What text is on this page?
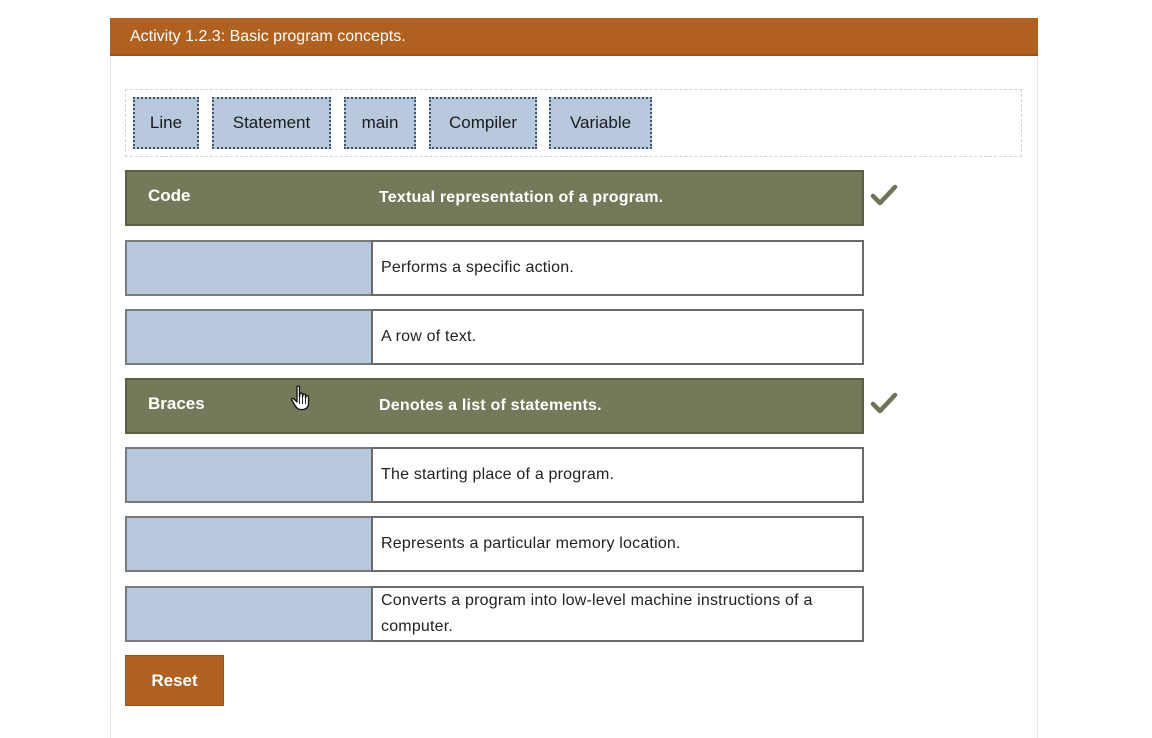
Activity 1.2.3: Basic program concepts.
Line	Statement	main	Compiler	Variable
Code	Textual representation of a program.
Performs a specific action.
A row of text.
Braces	Denotes a list of statements.
The starting place of a program.
Represents a particular memory location.
Converts a program into low-level machine instructions of a computer.
Reset
